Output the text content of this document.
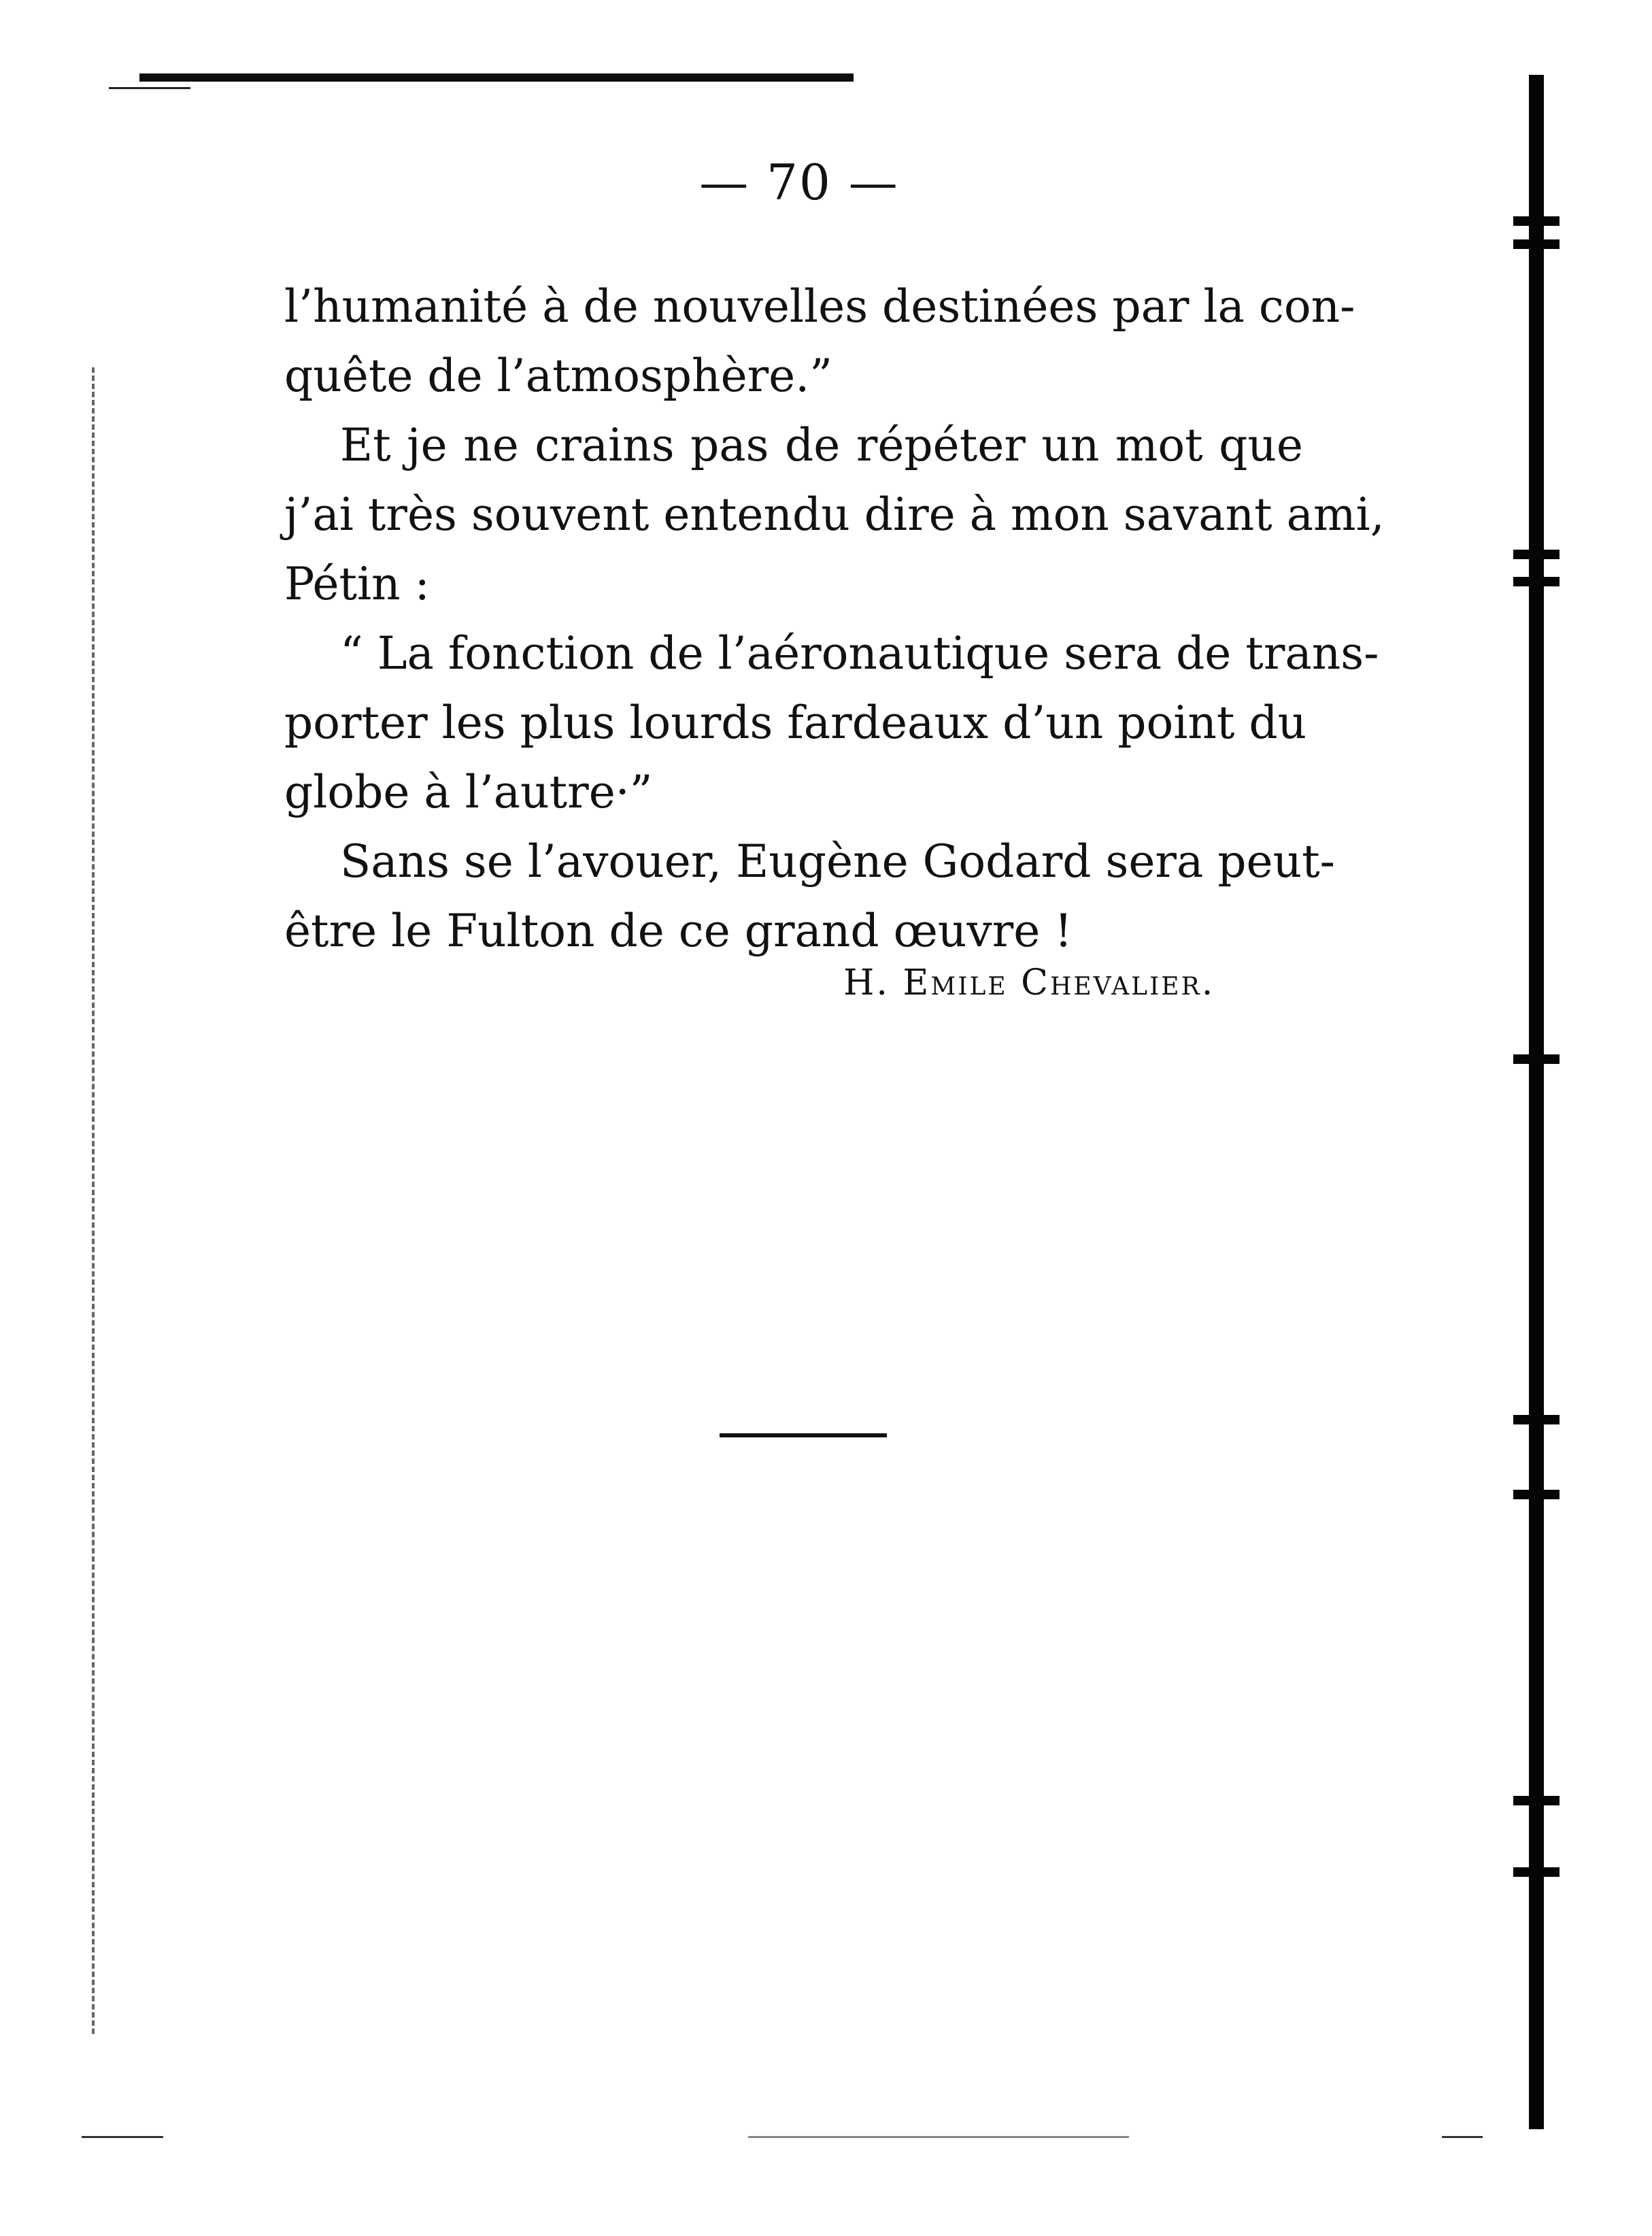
— 70 —
l’humanité à de nouvelles destinées par la con-
quête de l’atmosphère.”
Et je ne crains pas de répéter un mot que
j’ai très souvent entendu dire à mon savant ami,
Pétin :
“ La fonction de l’aéronautique sera de trans-
porter les plus lourds fardeaux d’un point du
globe à l’autre·”
Sans se l’avouer, Eugène Godard sera peut-
être le Fulton de ce grand œuvre !
H. Emile Chevalier.
